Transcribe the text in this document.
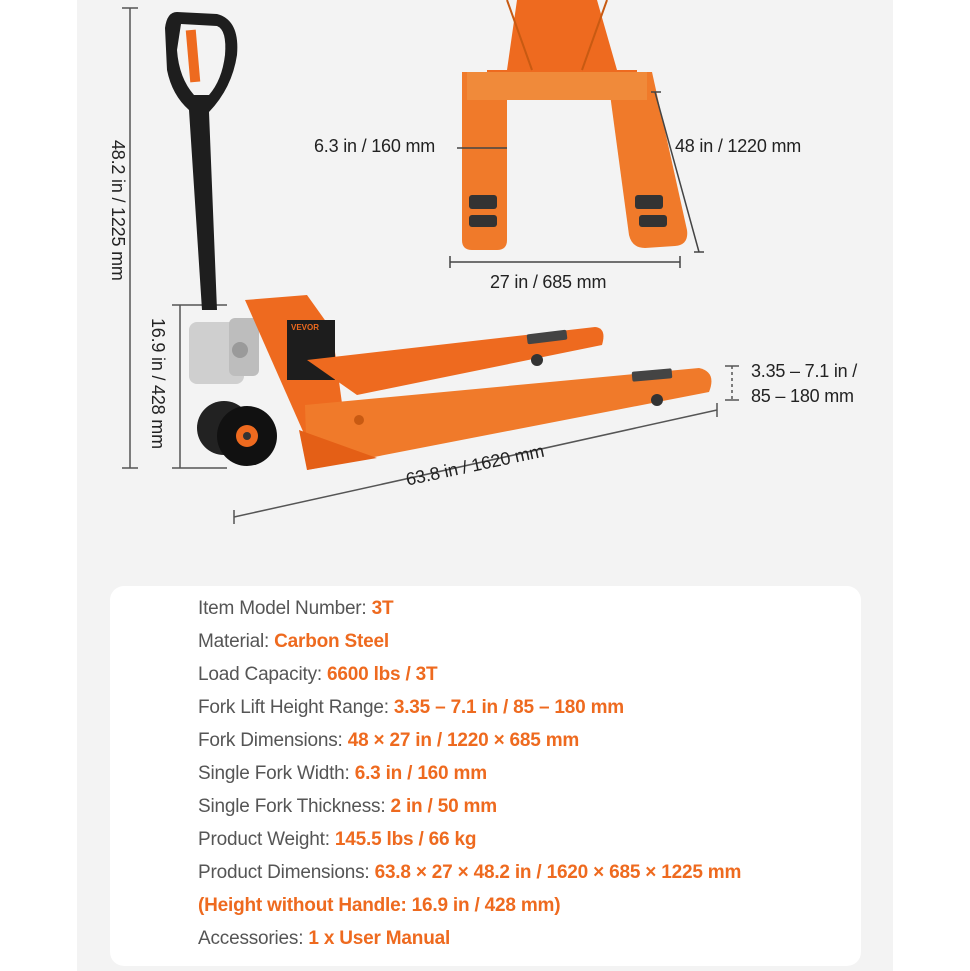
VEVOR
48.2 in / 1225 mm
16.9 in / 428 mm
6.3 in / 160 mm	48 in / 1220 mm
27 in / 685 mm
3.35 – 7.1 in /
85 – 180 mm
63.8 in / 1620 mm
Item Model Number: 3T
Material: Carbon Steel
Load Capacity: 6600 lbs / 3T
Fork Lift Height Range: 3.35 – 7.1 in / 85 – 180 mm
Fork Dimensions: 48 × 27 in / 1220 × 685 mm
Single Fork Width: 6.3 in / 160 mm
Single Fork Thickness: 2 in / 50 mm
Product Weight: 145.5 lbs / 66 kg
Product Dimensions: 63.8 × 27 × 48.2 in / 1620 × 685 × 1225 mm
(Height without Handle: 16.9 in / 428 mm)
Accessories: 1 x User Manual
